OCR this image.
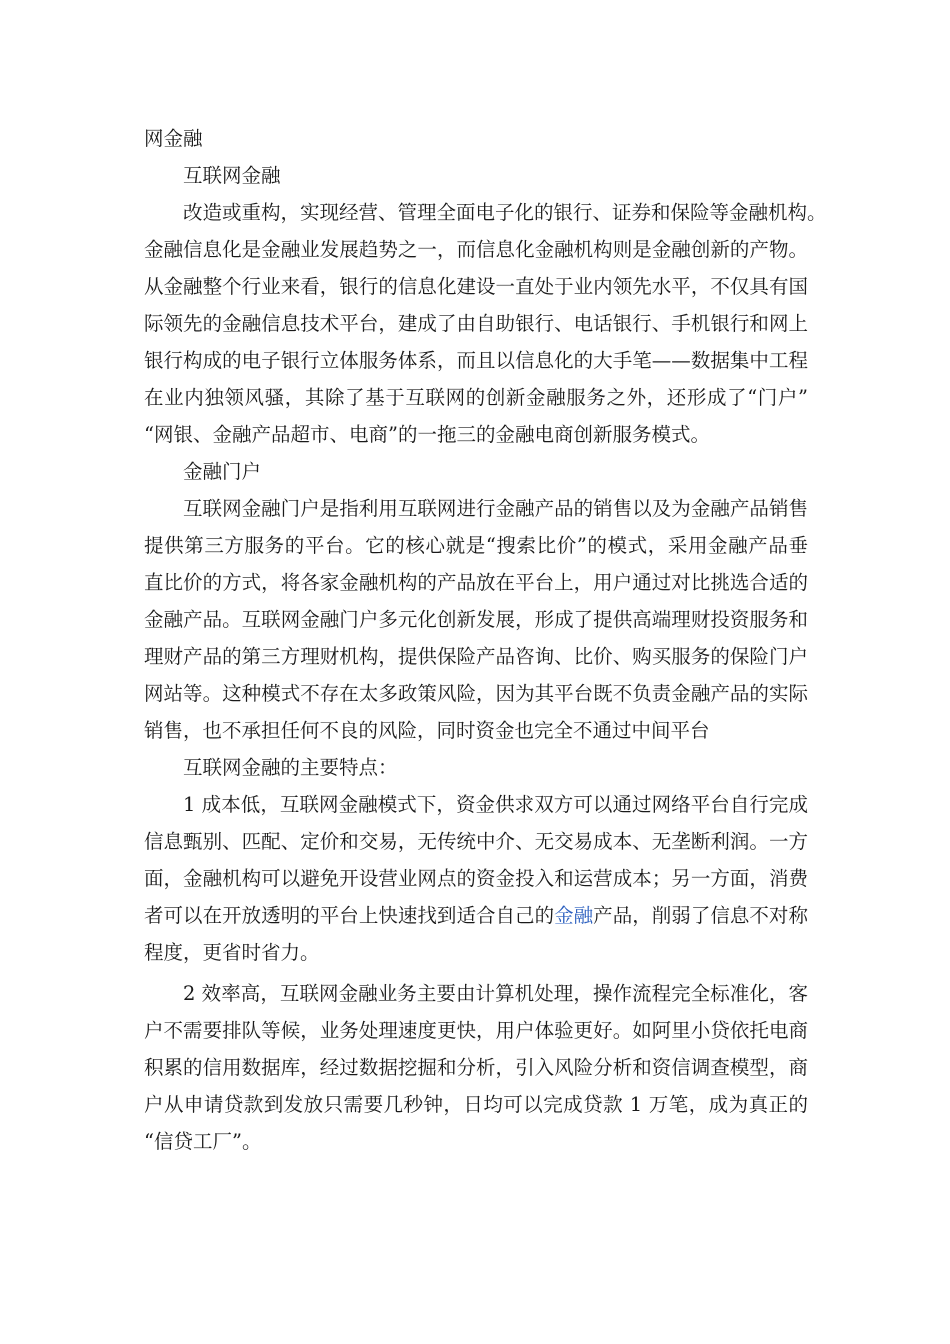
网金融
互联网金融
改造或重构，实现经营、管理全面电子化的银行、证券和保险等金融机构。
金融信息化是金融业发展趋势之一，而信息化金融机构则是金融创新的产物。
从金融整个行业来看，银行的信息化建设一直处于业内领先水平，不仅具有国
际领先的金融信息技术平台，建成了由自助银行、电话银行、手机银行和网上
银行构成的电子银行立体服务体系，而且以信息化的大手笔——数据集中工程
在业内独领风骚，其除了基于互联网的创新金融服务之外，还形成了“门户”
“网银、金融产品超市、电商”的一拖三的金融电商创新服务模式。
金融门户
互联网金融门户是指利用互联网进行金融产品的销售以及为金融产品销售
提供第三方服务的平台。它的核心就是“搜索比价”的模式，采用金融产品垂
直比价的方式，将各家金融机构的产品放在平台上，用户通过对比挑选合适的
金融产品。互联网金融门户多元化创新发展，形成了提供高端理财投资服务和
理财产品的第三方理财机构，提供保险产品咨询、比价、购买服务的保险门户
网站等。这种模式不存在太多政策风险，因为其平台既不负责金融产品的实际
销售，也不承担任何不良的风险，同时资金也完全不通过中间平台
互联网金融的主要特点：
1 成本低，互联网金融模式下，资金供求双方可以通过网络平台自行完成
信息甄别、匹配、定价和交易，无传统中介、无交易成本、无垄断利润。一方
面，金融机构可以避免开设营业网点的资金投入和运营成本；另一方面，消费
者可以在开放透明的平台上快速找到适合自己的金融产品，削弱了信息不对称
程度，更省时省力。
2 效率高，互联网金融业务主要由计算机处理，操作流程完全标准化，客
户不需要排队等候，业务处理速度更快，用户体验更好。如阿里小贷依托电商
积累的信用数据库，经过数据挖掘和分析，引入风险分析和资信调查模型，商
户从申请贷款到发放只需要几秒钟，日均可以完成贷款 1 万笔，成为真正的
“信贷工厂”。
